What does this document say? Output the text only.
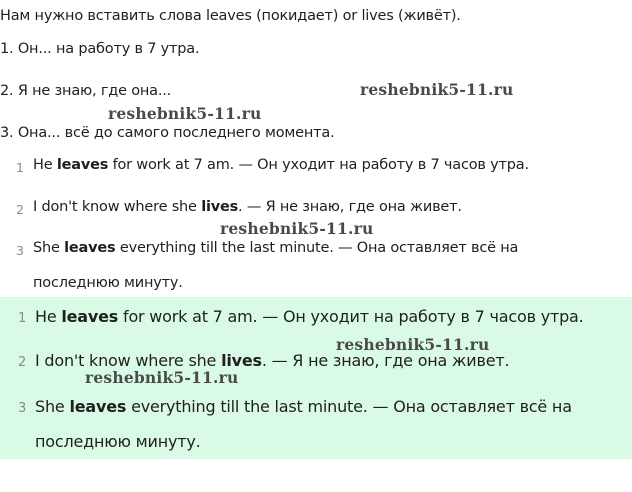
Нам нужно вставить слова leaves (покидает) or lives (живёт).
1. Он... на работу в 7 утра.
2. Я не знаю, где она...	reshebnik5-11.ru
reshebnik5-11.ru
3. Она... всё до самого последнего момента.
1 He leaves for work at 7 am. — Он уходит на работу в 7 часов утра.
2 I don't know where she lives. — Я не знаю, где она живет.
reshebnik5-11.ru
3 She leaves everything till the last minute. — Она оставляет всё на
последнюю минуту.
1 He leaves for work at 7 am. — Он уходит на работу в 7 часов утра.
reshebnik5-11.ru
2 I don't know where she lives. — Я не знаю, где она живет.
reshebnik5-11.ru
3 She leaves everything till the last minute. — Она оставляет всё на
последнюю минуту.
